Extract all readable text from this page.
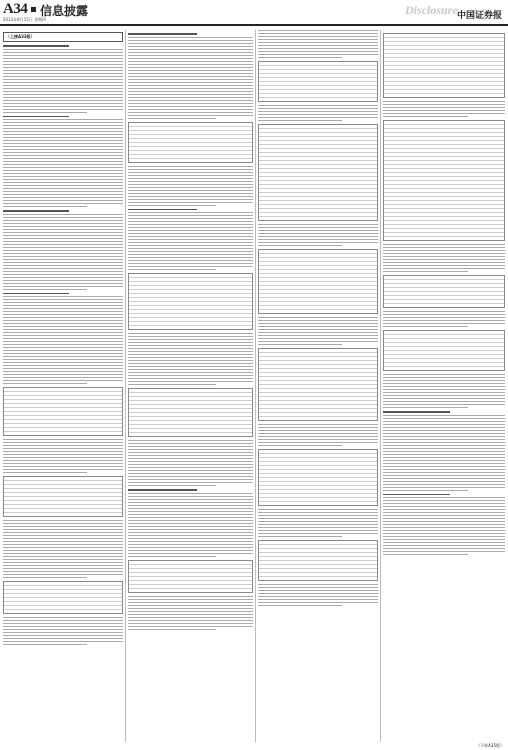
A34 信息披露
2013年8月15日 星期四
Disclosure 中国证券报
（上接A33版）
（下转A35版）
